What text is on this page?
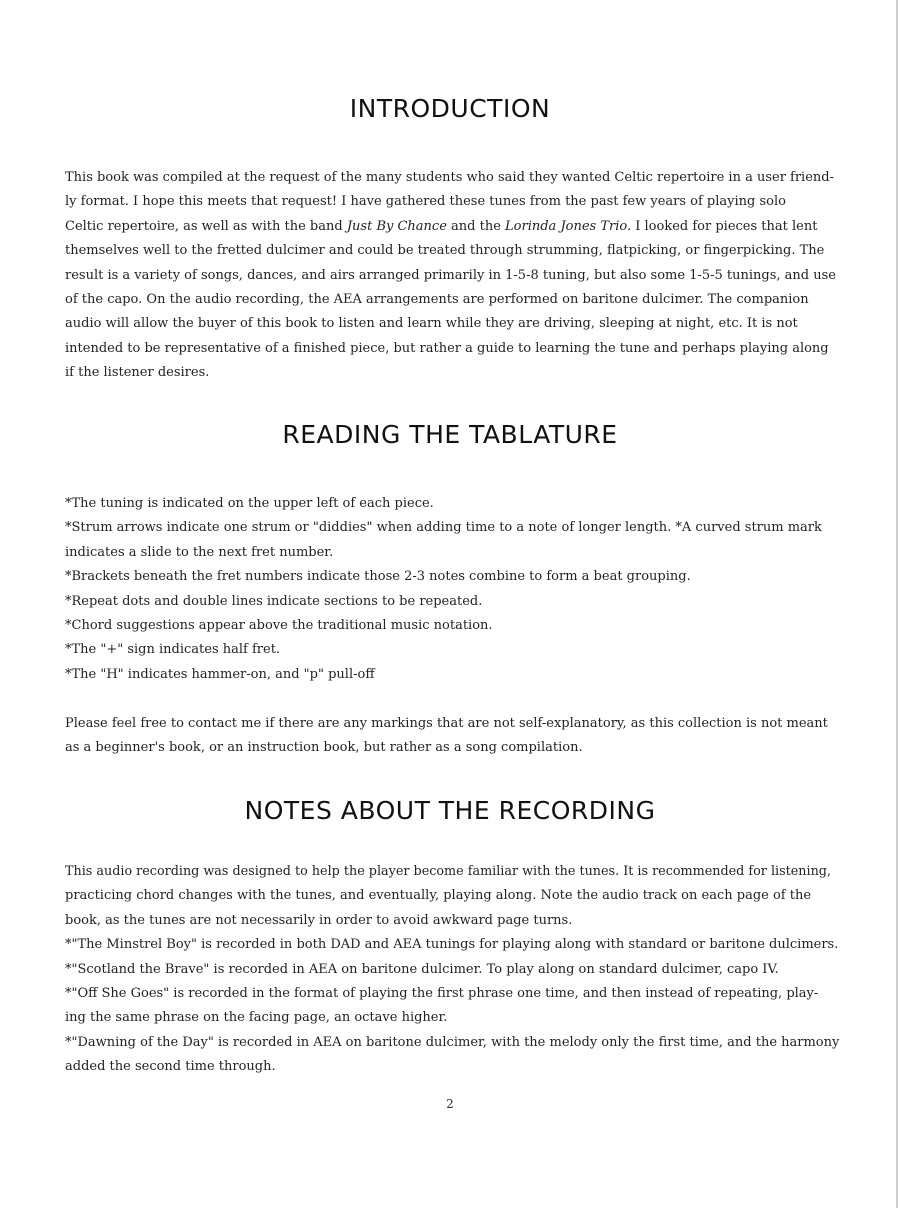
INTRODUCTION
This book was compiled at the request of the many students who said they wanted Celtic repertoire in a user friend-
ly format. I hope this meets that request! I have gathered these tunes from the past few years of playing solo
Celtic repertoire, as well as with the band Just By Chance and the Lorinda Jones Trio. I looked for pieces that lent
themselves well to the fretted dulcimer and could be treated through strumming, flatpicking, or fingerpicking. The
result is a variety of songs, dances, and airs arranged primarily in 1-5-8 tuning, but also some 1-5-5 tunings, and use
of the capo. On the audio recording, the AEA arrangements are performed on baritone dulcimer. The companion
audio will allow the buyer of this book to listen and learn while they are driving, sleeping at night, etc. It is not
intended to be representative of a finished piece, but rather a guide to learning the tune and perhaps playing along
if the listener desires.
READING THE TABLATURE
*The tuning is indicated on the upper left of each piece.
*Strum arrows indicate one strum or "diddies" when adding time to a note of longer length. *A curved strum mark
indicates a slide to the next fret number.
*Brackets beneath the fret numbers indicate those 2-3 notes combine to form a beat grouping.
*Repeat dots and double lines indicate sections to be repeated.
*Chord suggestions appear above the traditional music notation.
*The "+" sign indicates half fret.
*The "H" indicates hammer-on, and "p" pull-off
Please feel free to contact me if there are any markings that are not self-explanatory, as this collection is not meant
as a beginner's book, or an instruction book, but rather as a song compilation.
NOTES ABOUT THE RECORDING
This audio recording was designed to help the player become familiar with the tunes. It is recommended for listening,
practicing chord changes with the tunes, and eventually, playing along. Note the audio track on each page of the
book, as the tunes are not necessarily in order to avoid awkward page turns.
*"The Minstrel Boy" is recorded in both DAD and AEA tunings for playing along with standard or baritone dulcimers.
*"Scotland the Brave" is recorded in AEA on baritone dulcimer. To play along on standard dulcimer, capo IV.
*"Off She Goes" is recorded in the format of playing the first phrase one time, and then instead of repeating, play-
ing the same phrase on the facing page, an octave higher.
*"Dawning of the Day" is recorded in AEA on baritone dulcimer, with the melody only the first time, and the harmony
added the second time through.
2
